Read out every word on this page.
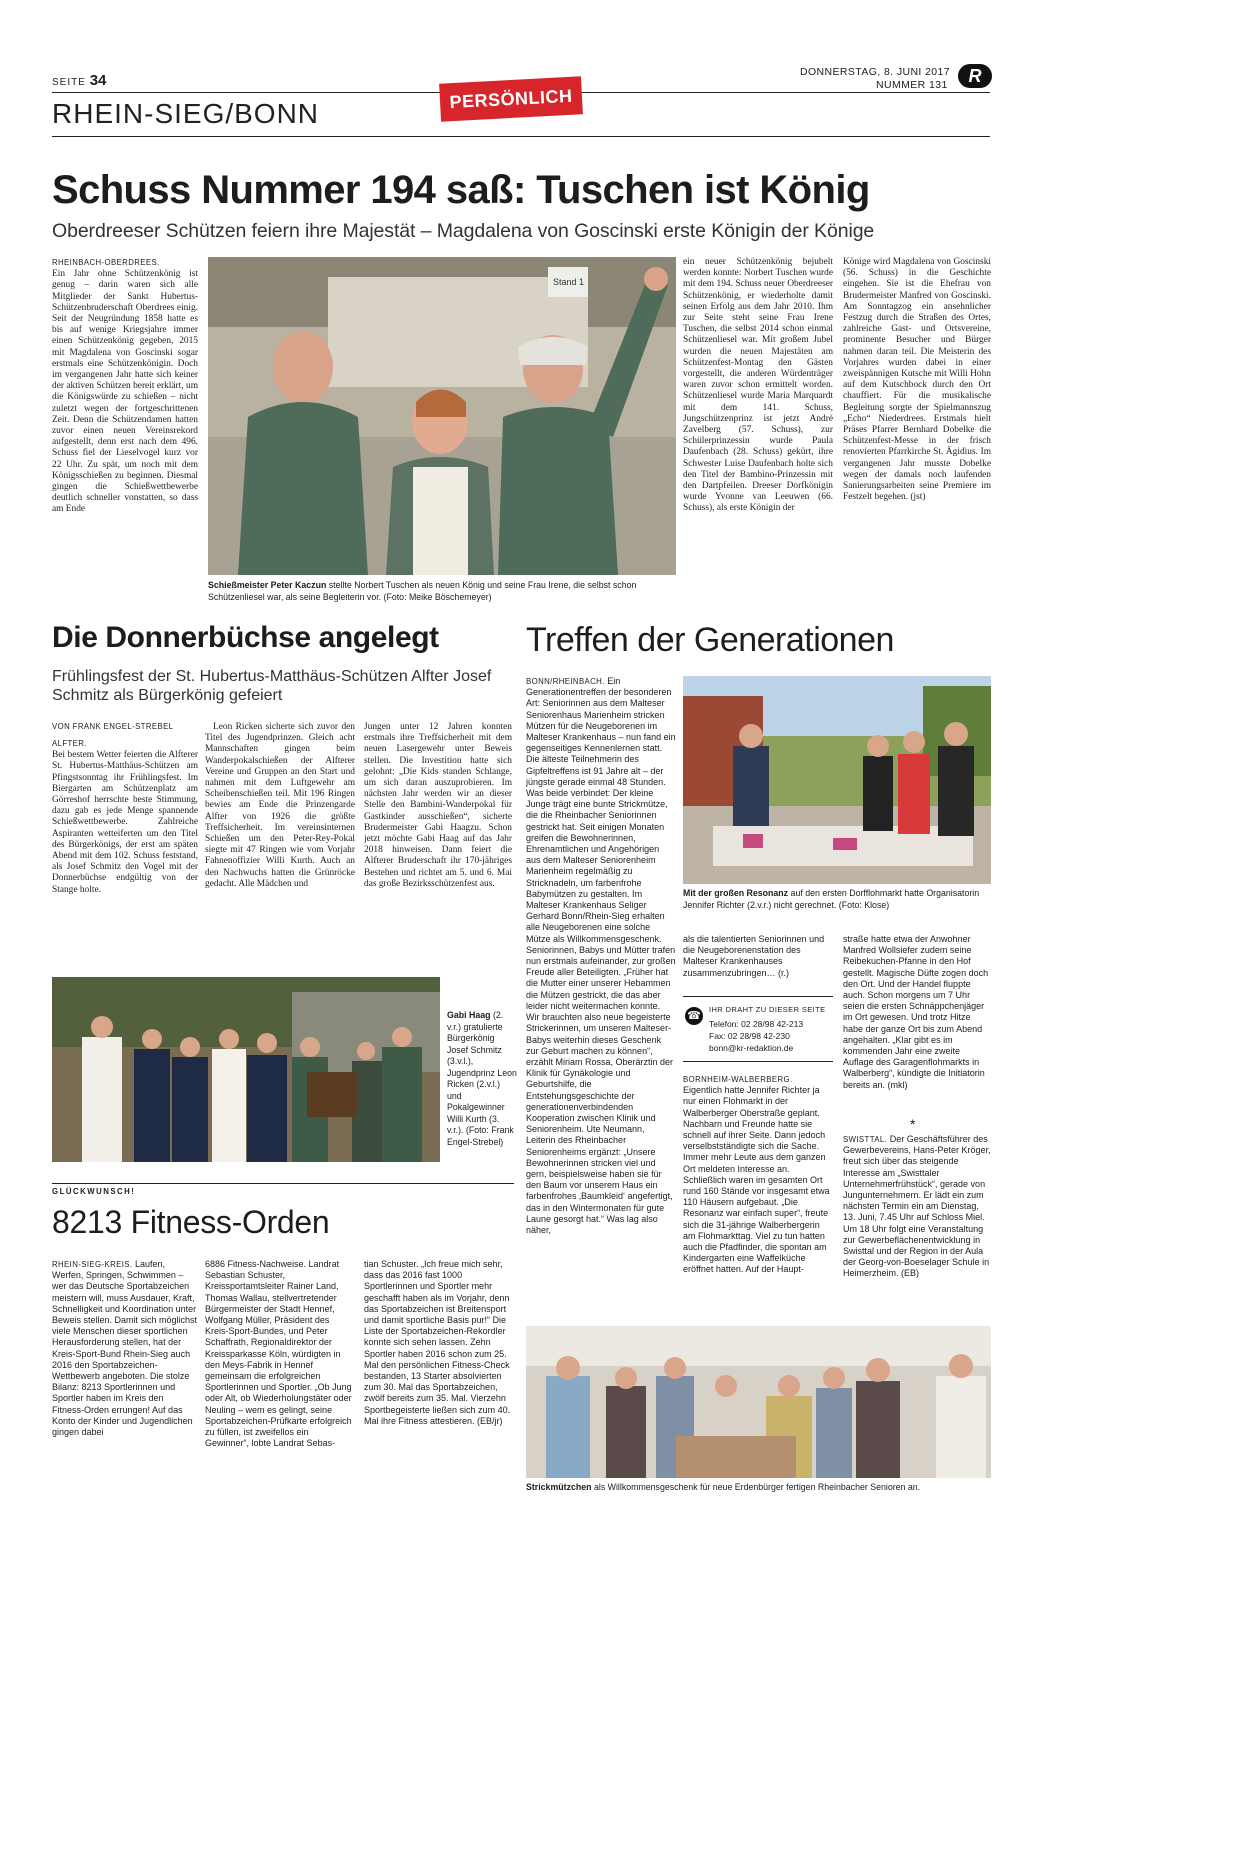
SEITE 34
RHEIN-SIEG/BONN	PERSÖNLICH
DONNERSTAG, 8. JUNI 2017
NUMMER 131	R
Schuss Nummer 194 saß: Tuschen ist König
Oberdreeser Schützen feiern ihre Majestät – Magdalena von Goscinski erste Königin der Könige

RHEINBACH-OBERDREES.

Ein Jahr ohne Schützenkönig ist genug – darin waren sich alle Mitglieder der Sankt Hubertus-Schützenbruderschaft Oberdrees einig. Seit der Neugründung 1858 hatte es bis auf wenige Kriegsjahre immer einen Schützenkönig gegeben, 2015 mit Magdalena von Goscinski sogar erstmals eine Schützenkönigin. Doch im vergangenen Jahr hatte sich keiner der aktiven Schützen bereit erklärt, um die Königswürde zu schießen – nicht zuletzt wegen der fortgeschrittenen Zeit. Denn die Schützendamen hatten zuvor einen neuen Vereinsrekord aufgestellt, denn erst nach dem 496. Schuss fiel der Lieselvogel kurz vor 22 Uhr. Zu spät, um noch mit dem Königsschießen zu beginnen. Diesmal gingen die Schießwettbewerbe deutlich schneller vonstatten, so dass am Ende

Stand 1
Schießmeister Peter Kaczun stellte Norbert Tuschen als neuen König und seine Frau Irene, die selbst schon Schützenliesel war, als seine Begleiterin vor. (Foto: Meike Böschemeyer)

ein neuer Schützenkönig bejubelt werden konnte: Norbert Tuschen wurde mit dem 194. Schuss neuer Oberdreeser Schützenkönig, er wiederholte damit seinen Erfolg aus dem Jahr 2010. Ihm zur Seite steht seine Frau Irene Tuschen, die selbst 2014 schon einmal Schützenliesel war. Mit großem Jubel wurden die neuen Majestäten am Schützenfest-Montag den Gästen vorgestellt, die anderen Würdenträger waren zuvor schon ermittelt worden. Schützenliesel wurde Maria Marquardt mit dem 141. Schuss, Jungschützenprinz ist jetzt André Zavelberg (57. Schuss), zur Schülerprinzessin wurde Paula Daufenbach (28. Schuss) gekürt, ihre Schwester Luise Daufenbach holte sich den Titel der Bambino-Prinzessin mit den Dartpfeilen. Dreeser Dorfkönigin wurde Yvonne van Leeuwen (66. Schuss), als erste Königin der

Könige wird Magdalena von Goscinski (56. Schuss) in die Geschichte eingehen. Sie ist die Ehefrau von Brudermeister Manfred von Goscinski. Am Sonntagzog ein ansehnlicher Festzug durch die Straßen des Ortes, zahlreiche Gast- und Ortsvereine, prominente Besucher und Bürger nahmen daran teil. Die Meisterin des Vorjahres wurden dabei in einer zweispännigen Kutsche mit Willi Hohn auf dem Kutschbock durch den Ort chauffiert. Für die musikalische Begleitung sorgte der Spielmannszug „Echo“ Niederdrees. Erstmals hielt Präses Pfarrer Bernhard Dobelke die Schützenfest-Messe in der frisch renovierten Pfarrkirche St. Ägidius. Im vergangenen Jahr musste Dobelke wegen der damals noch laufenden Sanierungsarbeiten seine Premiere im Festzelt begehen. (jst)

Die Donnerbüchse angelegt
Frühlingsfest der St. Hubertus-Matthäus-Schützen Alfter Josef Schmitz als Bürgerkönig gefeiert
VON FRANK ENGEL-STREBEL

ALFTER.

Bei bestem Wetter feierten die Alfterer St. Hubertus-Matthäus-Schützen am Pfingstsonntag ihr Frühlingsfest. Im Biergarten am Schützenplatz am Görreshof herrschte beste Stimmung, dazu gab es jede Menge spannende Schießwettbewerbe. Zahlreiche Aspiranten wetteiferten um den Titel des Bürgerkönigs, der erst am späten Abend mit dem 102. Schuss feststand, als Josef Schmitz den Vogel mit der Donnerbüchse endgültig von der Stange holte.

Leon Ricken sicherte sich zuvor den Titel des Jugendprinzen. Gleich acht Mannschaften gingen beim Wanderpokalschießen der Alfterer Vereine und Gruppen an den Start und nahmen mit dem Luftgewehr am Scheibenschießen teil. Mit 196 Ringen bewies am Ende die Prinzengarde Alfter von 1926 die größte Treffsicherheit. Im vereinsinternen Schießen um den Peter-Rey-Pokal siegte mit 47 Ringen wie vom Vorjahr Fahnenoffizier Willi Kurth. Auch an den Nachwuchs hatten die Grünröcke gedacht. Alle Mädchen und

Jungen unter 12 Jahren konnten erstmals ihre Treffsicherheit mit dem neuen Lasergewehr unter Beweis stellen. Die Investition hatte sich gelohnt: „Die Kids standen Schlange, um sich daran auszuprobieren. Im nächsten Jahr werden wir an dieser Stelle den Bambini-Wanderpokal für Gastkinder ausschießen“, sicherte Brudermeister Gabi Haagzu. Schon jetzt möchte Gabi Haag auf das Jahr 2018 hinweisen. Dann feiert die Alfterer Bruderschaft ihr 170-jähriges Bestehen und richtet am 5. und 6. Mai das große Bezirksschützenfest aus.

Gabi Haag (2. v.r.) gratulierte Bürgerkönig Josef Schmitz (3.v.l.), Jugendprinz Leon Ricken (2.v.l.) und Pokalgewinner Willi Kurth (3. v.r.). (Foto: Frank Engel-Strebel)
GLÜCKWUNSCH!
8213 Fitness-Orden
RHEIN-SIEG-KREIS. Laufen, Werfen, Springen, Schwimmen – wer das Deutsche Sportabzeichen meistern will, muss Ausdauer, Kraft, Schnelligkeit und Koordination unter Beweis stellen. Damit sich möglichst viele Menschen dieser sportlichen Herausforderung stellen, hat der Kreis-Sport-Bund Rhein-Sieg auch 2016 den Sportabzeichen-Wettbewerb angeboten. Die stolze Bilanz: 8213 Sportlerinnen und Sportler haben im Kreis den Fitness-Orden errungen! Auf das Konto der Kinder und Jugendlichen gingen dabei
6886 Fitness-Nachweise. Landrat Sebastian Schuster, Kreissportamtsleiter Rainer Land, Thomas Wallau, stellvertretender Bürgermeister der Stadt Hennef, Wolfgang Müller, Präsident des Kreis-Sport-Bundes, und Peter Schaffrath, Regionaldirektor der Kreissparkasse Köln, würdigten in den Meys-Fabrik in Hennef gemeinsam die erfolgreichen Sportlerinnen und Sportler. „Ob Jung oder Alt, ob Wiederholungstäter oder Neuling – wem es gelingt, seine Sportabzeichen-Prüfkarte erfolgreich zu füllen, ist zweifellos ein Gewinner“, lobte Landrat Sebas-
tian Schuster. „Ich freue mich sehr, dass das 2016 fast 1000 Sportlerinnen und Sportler mehr geschafft haben als im Vorjahr, denn das Sportabzeichen ist Breitensport und damit sportliche Basis pur!“ Die Liste der Sportabzeichen-Rekordler konnte sich sehen lassen. Zehn Sportler haben 2016 schon zum 25. Mal den persönlichen Fitness-Check bestanden, 13 Starter absolvierten zum 30. Mal das Sportabzeichen, zwölf bereits zum 35. Mal. Vierzehn Sportbegeisterte ließen sich zum 40. Mal ihre Fitness attestieren. (EB/jr)
Treffen der Generationen
BONN/RHEINBACH. Ein Generationentreffen der besonderen Art: Seniorinnen aus dem Malteser Seniorenhaus Marienheim stricken Mützen für die Neugeborenen im Malteser Krankenhaus – nun fand ein gegenseitiges Kennenlernen statt. Die älteste Teilnehmerin des Gipfeltreffens ist 91 Jahre alt – der jüngste gerade einmal 48 Stunden. Was beide verbindet: Der kleine Junge trägt eine bunte Strickmütze, die die Rheinbacher Seniorinnen gestrickt hat. Seit einigen Monaten greifen die Bewohnerinnen, Ehrenamtlichen und Angehörigen aus dem Malteser Seniorenheim Marienheim regelmäßig zu Stricknadeln, um farbenfrohe Babymützen zu gestalten. Im Malteser Krankenhaus Seliger Gerhard Bonn/Rhein-Sieg erhalten alle Neugeborenen eine solche Mütze als Willkommensgeschenk. Seniorinnen, Babys und Mütter trafen nun erstmals aufeinander, zur großen Freude aller Beteiligten. „Früher hat die Mutter einer unserer Hebammen die Mützen gestrickt, die das aber leider nicht weitermachen konnte. Wir brauchten also neue begeisterte Strickerinnen, um unseren Malteser-Babys weiterhin dieses Geschenk zur Geburt machen zu können“, erzählt Miriam Rossa, Oberärztin der Klinik für Gynäkologie und Geburtshilfe, die Entstehungsgeschichte der generationenverbindenden Kooperation zwischen Klinik und Seniorenheim. Ute Neumann, Leiterin des Rheinbacher Seniorenheims ergänzt: „Unsere Bewohnerinnen stricken viel und gern, beispielsweise haben sie für den Baum vor unserem Haus ein farbenfrohes ‚Baumkleid‘ angefertigt, das in den Wintermonaten für gute Laune gesorgt hat.“ Was lag also näher,
Mit der großen Resonanz auf den ersten Dorfflohmarkt hatte Organisatorin Jennifer Richter (2.v.r.) nicht gerechnet. (Foto: Klose)
als die talentierten Seniorinnen und die Neugeborenenstation des Malteser Krankenhauses zusammenzubringen… (r.)
☎ IHR DRAHT ZU DIESER SEITE
Telefon: 02 28/98 42-213
Fax: 02 28/98 42-230
bonn@kr-redaktion.de
BORNHEIM-WALBERBERG. Eigentlich hatte Jennifer Richter ja nur einen Flohmarkt in der Walberberger Oberstraße geplant. Nachbarn und Freunde hatte sie schnell auf ihrer Seite. Dann jedoch verselbstständigte sich die Sache. Immer mehr Leute aus dem ganzen Ort meldeten Interesse an. Schließlich waren im gesamten Ort rund 160 Stände vor insgesamt etwa 110 Häusern aufgebaut. „Die Resonanz war einfach super“, freute sich die 31-jährige Walberbergerin am Flohmarkttag. Viel zu tun hatten auch die Pfadfinder, die spontan am Kindergarten eine Waffelküche eröffnet hatten. Auf der Haupt-
straße hatte etwa der Anwohner Manfred Wollsiefer zudem seine Reibekuchen-Pfanne in den Hof gestellt. Magische Düfte zogen doch den Ort. Und der Handel fluppte auch. Schon morgens um 7 Uhr seien die ersten Schnäppchenjäger im Ort gewesen. Und trotz Hitze habe der ganze Ort bis zum Abend angehalten. „Klar gibt es im kommenden Jahr eine zweite Auflage des Garagenflohmarkts in Walberberg“, kündigte die Initiatorin bereits an. (mkl)
*
SWISTTAL. Der Geschäftsführer des Gewerbevereins, Hans-Peter Kröger, freut sich über das steigende Interesse am „Swisttaler Unternehmerfrühstück“, gerade von Jungunternehmern. Er lädt ein zum nächsten Termin ein am Dienstag, 13. Juni, 7.45 Uhr auf Schloss Miel. Um 18 Uhr folgt eine Veranstaltung zur Gewerbeflächenentwicklung in Swisttal und der Region in der Aula der Georg-von-Boeselager Schule in Heimerzheim. (EB)
Strickmützchen als Willkommensgeschenk für neue Erdenbürger fertigen Rheinbacher Senioren an.
